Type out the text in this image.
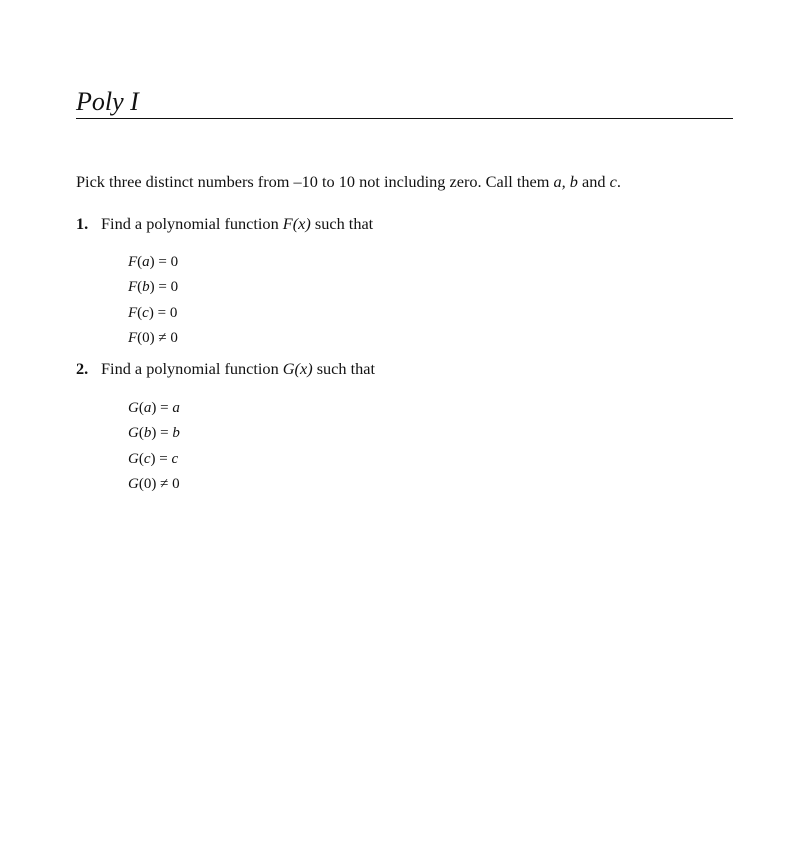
Poly I
Pick three distinct numbers from –10 to 10 not including zero. Call them a, b and c.
1. Find a polynomial function F(x) such that
F(a) = 0
F(b) = 0
F(c) = 0
F(0) ≠ 0
2. Find a polynomial function G(x) such that
G(a) = a
G(b) = b
G(c) = c
G(0) ≠ 0
